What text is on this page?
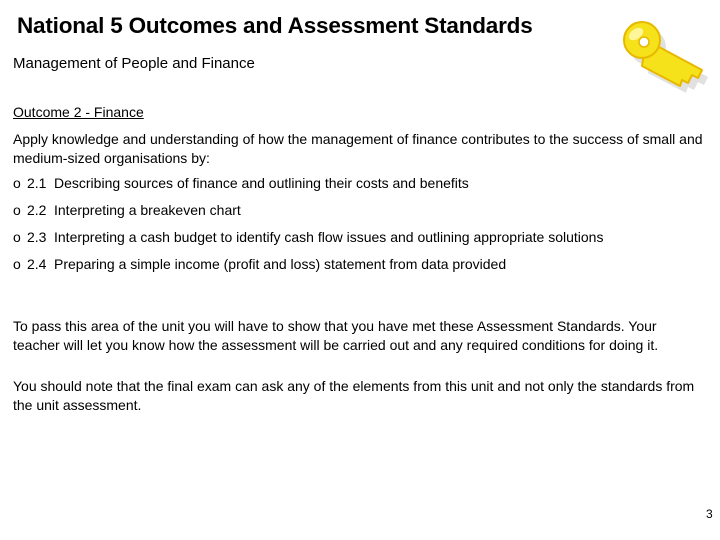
National 5 Outcomes and Assessment Standards
Management of People and Finance

Outcome 2 - Finance

Apply knowledge and understanding of how the management of finance contributes to the success of small and medium-sized organisations by:

o 2.1 Describing sources of finance and outlining their costs and benefits
o 2.2 Interpreting a breakeven chart
o 2.3 Interpreting a cash budget to identify cash flow issues and outlining appropriate solutions
o 2.4 Preparing a simple income (profit and loss) statement from data provided

To pass this area of the unit you will have to show that you have met these Assessment Standards. Your teacher will let you know how the assessment will be carried out and any required conditions for doing it.

You should note that the final exam can ask any of the elements from this unit and not only the standards from the unit assessment.

3
